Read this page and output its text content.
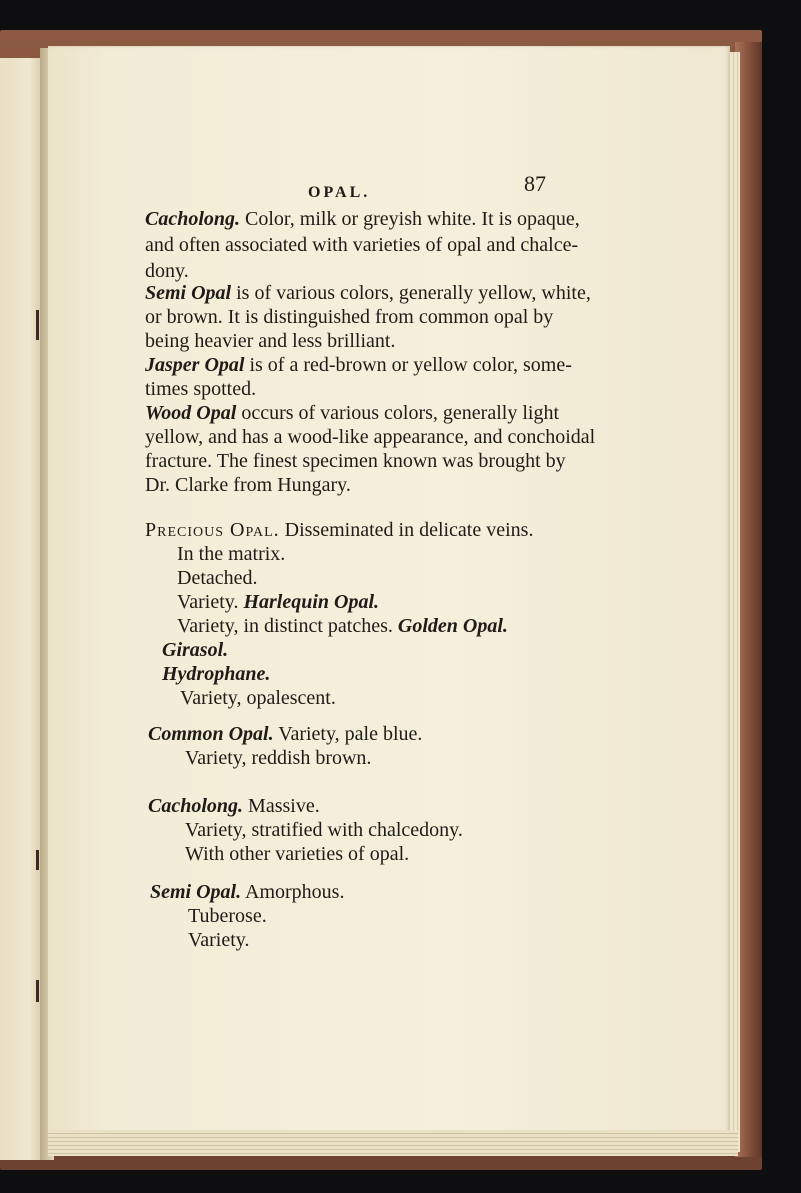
OPAL.	87
Cacholong. Color, milk or greyish white. It is opaque,
and often associated with varieties of opal and chalce-
dony.
Semi Opal is of various colors, generally yellow, white,
or brown. It is distinguished from common opal by
being heavier and less brilliant.
Jasper Opal is of a red-brown or yellow color, some-
times spotted.
Wood Opal occurs of various colors, generally light
yellow, and has a wood-like appearance, and conchoidal
fracture. The finest specimen known was brought by
Dr. Clarke from Hungary.
Precious Opal. Disseminated in delicate veins.
In the matrix.
Detached.
Variety. Harlequin Opal.
Variety, in distinct patches. Golden Opal.
Girasol.
Hydrophane.
Variety, opalescent.
Common Opal. Variety, pale blue.
Variety, reddish brown.
Cacholong. Massive.
Variety, stratified with chalcedony.
With other varieties of opal.
Semi Opal. Amorphous.
Tuberose.
Variety.
